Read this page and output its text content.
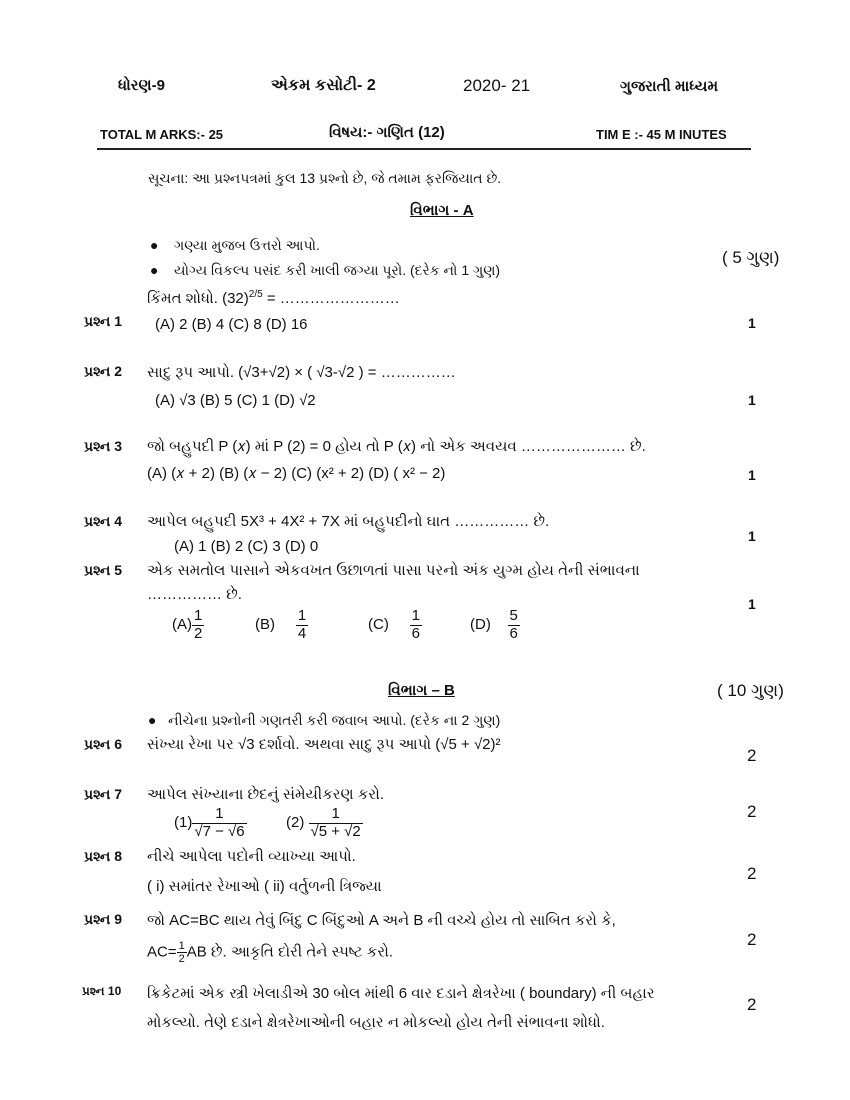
ધોરણ-9	એકમ કસોટી- 2	2020- 21	ગુજરાતી માધ્યમ
TOTAL M ARKS:- 25	વિષય:- ગણિત (12)	TIM E :- 45 M INUTES
સૂચના: આ પ્રશ્નપત્રમાં કુલ 13 પ્રશ્નો છે, જે તમામ ફરજિયાત છે.
વિભાગ - A
● ગણ્યા મુજબ ઉત્તરો આપો.
● યોગ્ય વિકલ્પ પસંદ કરી ખાલી જગ્યા પૂરો. (દરેક નો 1 ગુણ)
( 5 ગુણ)
પ્રશ્ન 1
કિંમત શોધો. $(32)^{2/5}$ = ……………………
(A) 2 (B) 4 (C) 8 (D) 16	1
પ્રશ્ન 2 સાદુ રૂપ આપો. (√3+√2) × ( √3-√2 ) = ……………
(A) √3 (B) 5 (C) 1 (D) √2	1
પ્રશ્ન 3 જો બહુપદી P (𝑥) માં P (2) = 0 હોય તો P (𝑥) નો એક અવયવ ………………… છે.
(A) (𝑥 + 2) (B) (𝑥 − 2) (C) (x² + 2) (D) ( x² − 2)	1
પ્રશ્ન 4 આપેલ બહુપદી 5X³ + 4X² + 7X માં બહુપદીનો ઘાત …………… છે.
(A) 1 (B) 2 (C) 3 (D) 0
1
પ્રશ્ન 5 એક સમતોલ પાસાને એકવખત ઉછાળતાં પાસા પરનો અંક યુગ્મ હોય તેની સંભાવના
…………… છે.
1
$(A) \frac{1}{2}$	$(B) \frac{1}{4}$	$(C) \frac{1}{6}$	$(D) \frac{5}{6}$
વિભાગ – B	( 10 ગુણ)
● નીચેના પ્રશ્નોની ગણતરી કરી જવાબ આપો. (દરેક ના 2 ગુણ)
પ્રશ્ન 6 સંખ્યા રેખા પર √3 દર્શાવો. અથવા સાદુ રૂપ આપો (√5 + √2)²
2
પ્રશ્ન 7 આપેલ સંખ્યાના છેદનું સંમેયીકરણ કરો.
2
$(1) \frac{1}{√7 - √6}$	$(2) \frac{1}{√5 + √2}$
પ્રશ્ન 8 નીચે આપેલા પદોની વ્યાખ્યા આપો.
( i) સમાંતર રેખાઓ ( ii) વર્તુળની ત્રિજ્યા
2
પ્રશ્ન 9 જો AC=BC થાય તેવું બિંદુ C બિંદુઓ A અને B ની વચ્ચે હોય તો સાબિત કરો કે,
$AC= \frac{1}{2}$ AB છે. આકૃતિ દોરી તેને સ્પષ્ટ કરો.
2
પ્રશ્ન 10 ક્રિકેટમાં એક સ્ત્રી ખેલાડીએ 30 બોલ માંથી 6 વાર દડાને ક્ષેત્રરેખા ( boundary) ની બહાર
મોકલ્યો. તેણે દડાને ક્ષેત્રરેખાઓની બહાર ન મોકલ્યો હોય તેની સંભાવના શોધો.
2
